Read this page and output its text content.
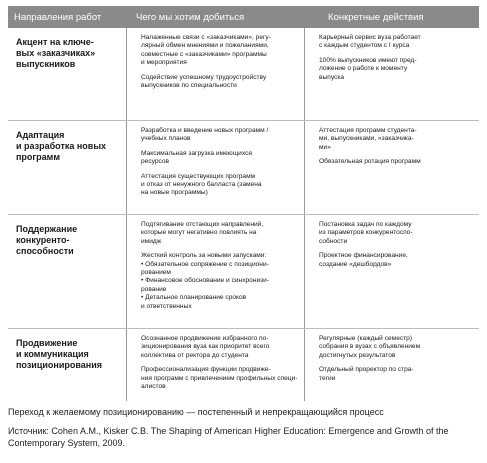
Направления работ	Чего мы хотим добиться	Конкретные действия
Акцент на ключе-
вых «заказчиках»
выпускников

Налаженные связи с «заказчиками», регу-
лярный обмен мнениями и пожеланиями,
совместные с «заказчиками» программы
и мероприятия

Содействие успешному трудоустройству
выпускников по специальности

Карьерный сервис вуза работает
с каждым студентом с I курса

100% выпускников имеют пред-
ложение о работе к моменту
выпуска

Адаптация
и разработка новых
программ

Разработка и введение новых программ /
учебных планов

Максимальная загрузка имеющихся
ресурсов

Аттестация существующих программ
и отказ от ненужного балласта (замена
на новые программы)

Аттестация программ студента-
ми, выпускниками, «заказчика-
ми»

Обязательная ротация программ

Поддержание
конкурентo-
способности

Подтягивание отстающих направлений,
которые могут негативно повлиять на
имидж

Жесткий контроль за новыми запусками:
• Обязательное сопряжение с позициони-
рованием
• Финансовое обоснование и синхронизи-
рование
• Детальное планирование сроков
и ответственных

Постановка задач по каждому
из параметров конкурентоспо-
собности

Проектное финансирование,
создание «дешбордов»

Продвижение
и коммуникация
позиционирования

Осознанное продвижение избранного по-
зиционирования вуза как приоритет всего
коллектива от ректора до студента

Профессионализация функции продвиже-
ния программ с привлечением профильных специ-
алистов

Регулярные (каждый семестр)
собрания в вузах с объявлением
достигнутых результатов

Отдельный проректор по стра-
тегии

Переход к желаемому позиционированию — постепенный и непрекращающийся процесс

Источник: Cohen A.M., Kisker C.B. The Shaping of American Higher Education: Emergence and Growth of the Contemporary System, 2009.
